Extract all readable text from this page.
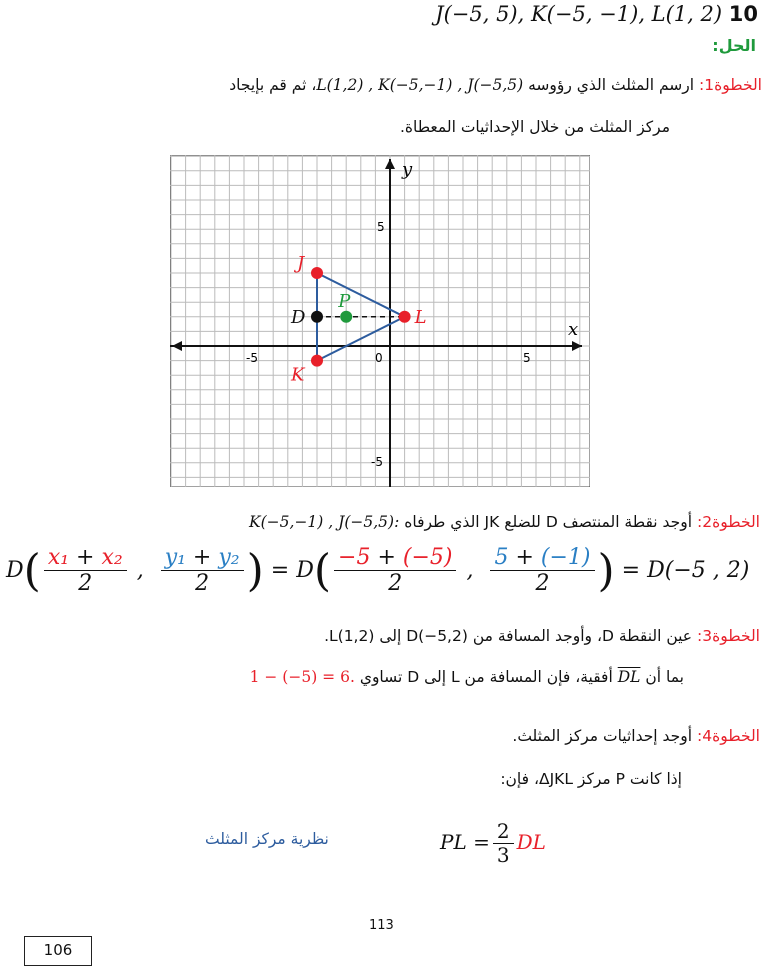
J(−5, 5), K(−5, −1), L(1, 2) 10
الحل:
الخطوة1: ارسم المثلث الذي رؤوسه L(1,2) , K(−5,−1) , J(−5,5)، ثم قم بإيجاد
مركز المثلث من خلال الإحداثيات المعطاة.
x
y
-5	0	5
5
-5
J
K
L
D
P
الخطوة2: أوجد نقطة المنتصف D للضلع JK الذي طرفاه K(−5,−1) , J(−5,5):
$D( \frac{\text{x₁ + x₂}}{2}$ , $\frac{\text{y₁ + y₂}}{2}$ ) = $D( \frac{-5 + (-5)}{2}$ , $\frac{5 + (-1)}{2}$ ) = D(−5 , 2)
الخطوة3: عين النقطة D، وأوجد المسافة من D(−5,2) إلى L(1,2).
بما أن DL أفقية، فإن المسافة من L إلى D تساوي 1 − (−5) = 6.
الخطوة4: أوجد إحداثيات مركز المثلث.
إذا كانت P مركز ΔJKL، فإن:
نظرية مركز المثلث	PL = $\frac{2}{3}$ DL
113
106
